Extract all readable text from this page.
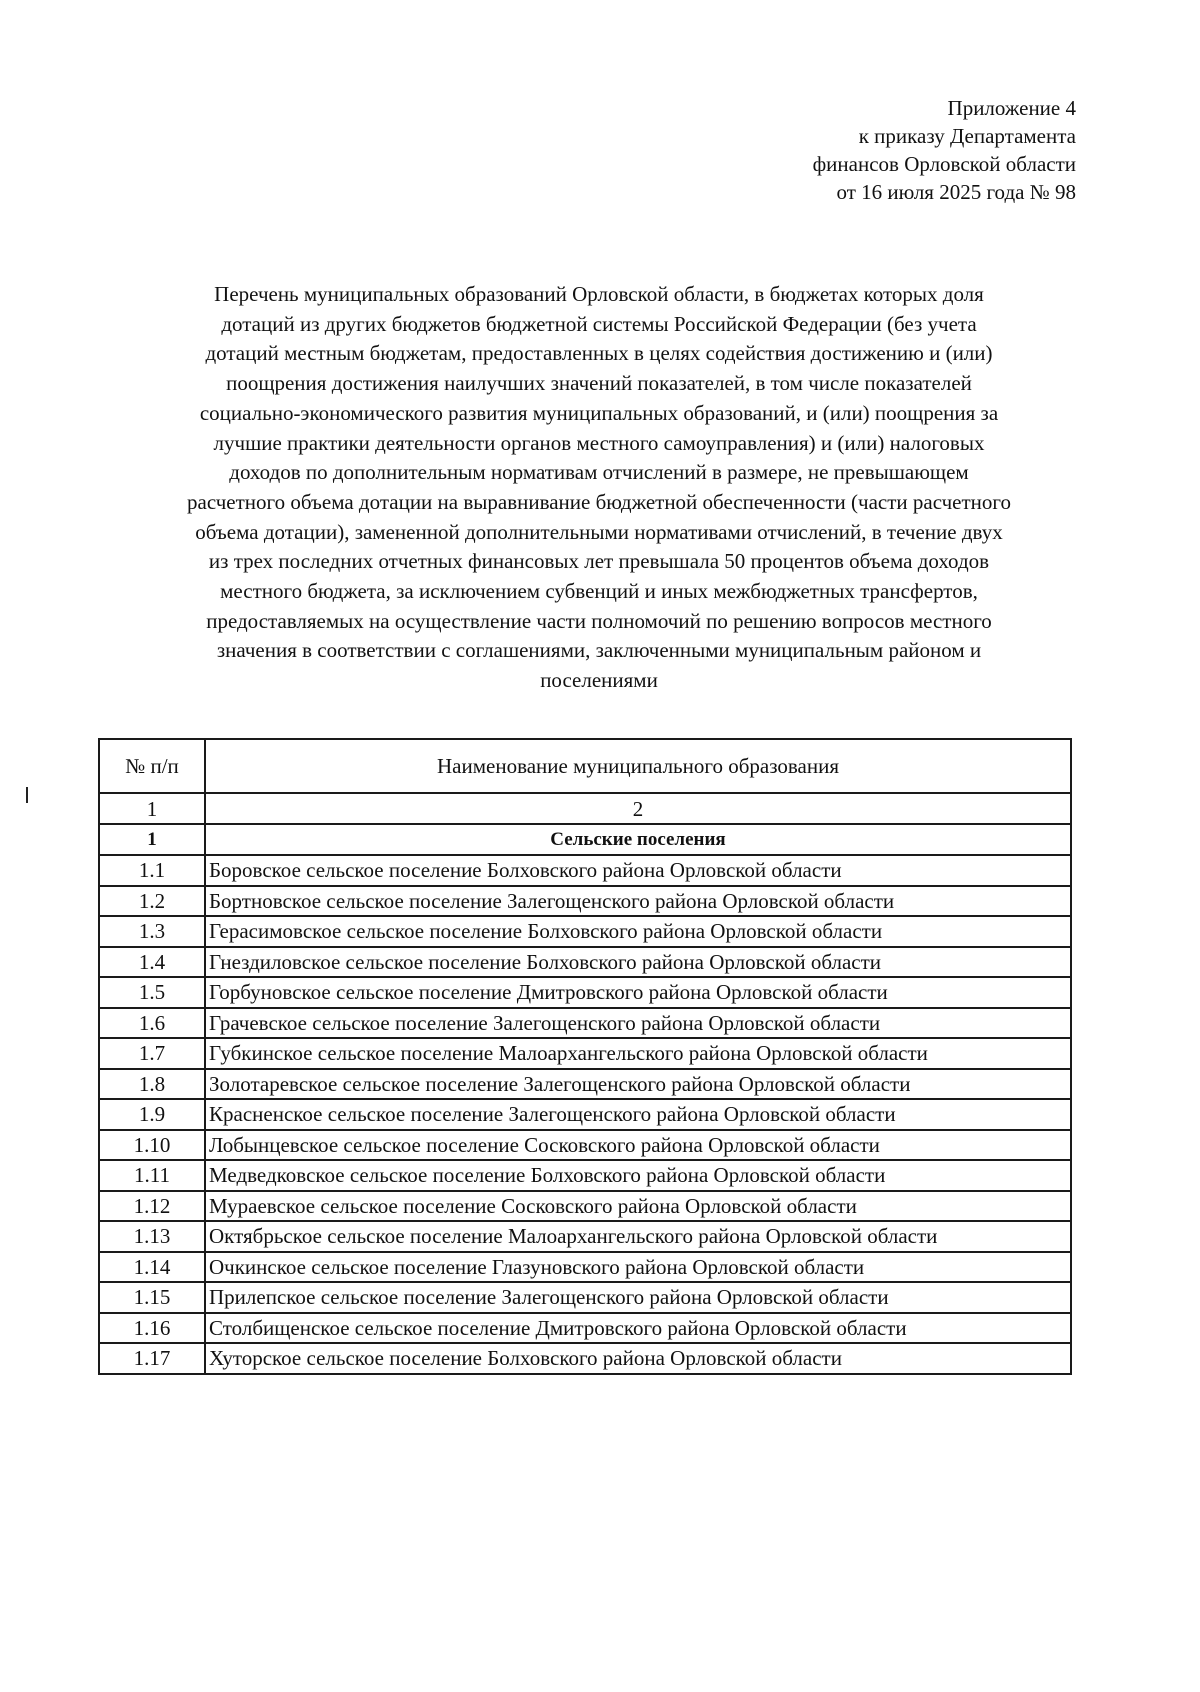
Приложение 4
к приказу Департамента
финансов Орловской области
от 16 июля 2025 года № 98
Перечень муниципальных образований Орловской области, в бюджетах которых доля
дотаций из других бюджетов бюджетной системы Российской Федерации (без учета
дотаций местным бюджетам, предоставленных в целях содействия достижению и (или)
поощрения достижения наилучших значений показателей, в том числе показателей
социально-экономического развития муниципальных образований, и (или) поощрения за
лучшие практики деятельности органов местного самоуправления) и (или) налоговых
доходов по дополнительным нормативам отчислений в размере, не превышающем
расчетного объема дотации на выравнивание бюджетной обеспеченности (части расчетного
объема дотации), замененной дополнительными нормативами отчислений, в течение двух
из трех последних отчетных финансовых лет превышала 50 процентов объема доходов
местного бюджета, за исключением субвенций и иных межбюджетных трансфертов,
предоставляемых на осуществление части полномочий по решению вопросов местного
значения в соответствии с соглашениями, заключенными муниципальным районом и
поселениями
№ п/п	Наименование муниципального образования
1	2
1	Сельские поселения
1.1	Боровское сельское поселение Болховского района Орловской области
1.2	Бортновское сельское поселение Залегощенского района Орловской области
1.3	Герасимовское сельское поселение Болховского района Орловской области
1.4	Гнездиловское сельское поселение Болховского района Орловской области
1.5	Горбуновское сельское поселение Дмитровского района Орловской области
1.6	Грачевское сельское поселение Залегощенского района Орловской области
1.7	Губкинское сельское поселение Малоархангельского района Орловской области
1.8	Золотаревское сельское поселение Залегощенского района Орловской области
1.9	Красненское сельское поселение Залегощенского района Орловской области
1.10	Лобынцевское сельское поселение Сосковского района Орловской области
1.11	Медведковское сельское поселение Болховского района Орловской области
1.12	Мураевское сельское поселение Сосковского района Орловской области
1.13	Октябрьское сельское поселение Малоархангельского района Орловской области
1.14	Очкинское сельское поселение Глазуновского района Орловской области
1.15	Прилепское сельское поселение Залегощенского района Орловской области
1.16	Столбищенское сельское поселение Дмитровского района Орловской области
1.17	Хуторское сельское поселение Болховского района Орловской области
